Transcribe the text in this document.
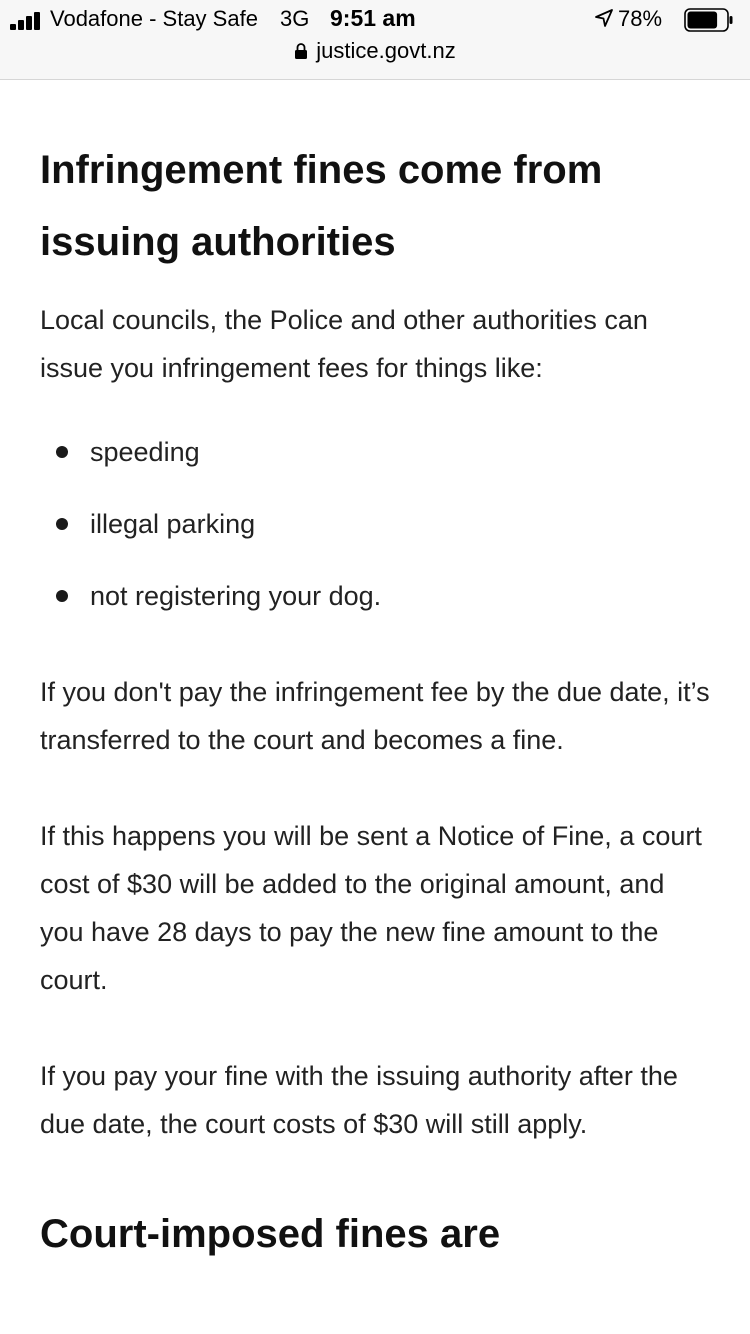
Vodafone - Stay Safe 3G 9:51 am	78%
justice.govt.nz
Infringement fines come from issuing authorities

Local councils, the Police and other authorities can issue you infringement fees for things like:

speeding
illegal parking
not registering your dog.

If you don't pay the infringement fee by the due date, it’s transferred to the court and becomes a fine.

If this happens you will be sent a Notice of Fine, a court cost of $30 will be added to the original amount, and you have 28 days to pay the new fine amount to the court.

If you pay your fine with the issuing authority after the due date, the court costs of $30 will still apply.

Court-imposed fines are
